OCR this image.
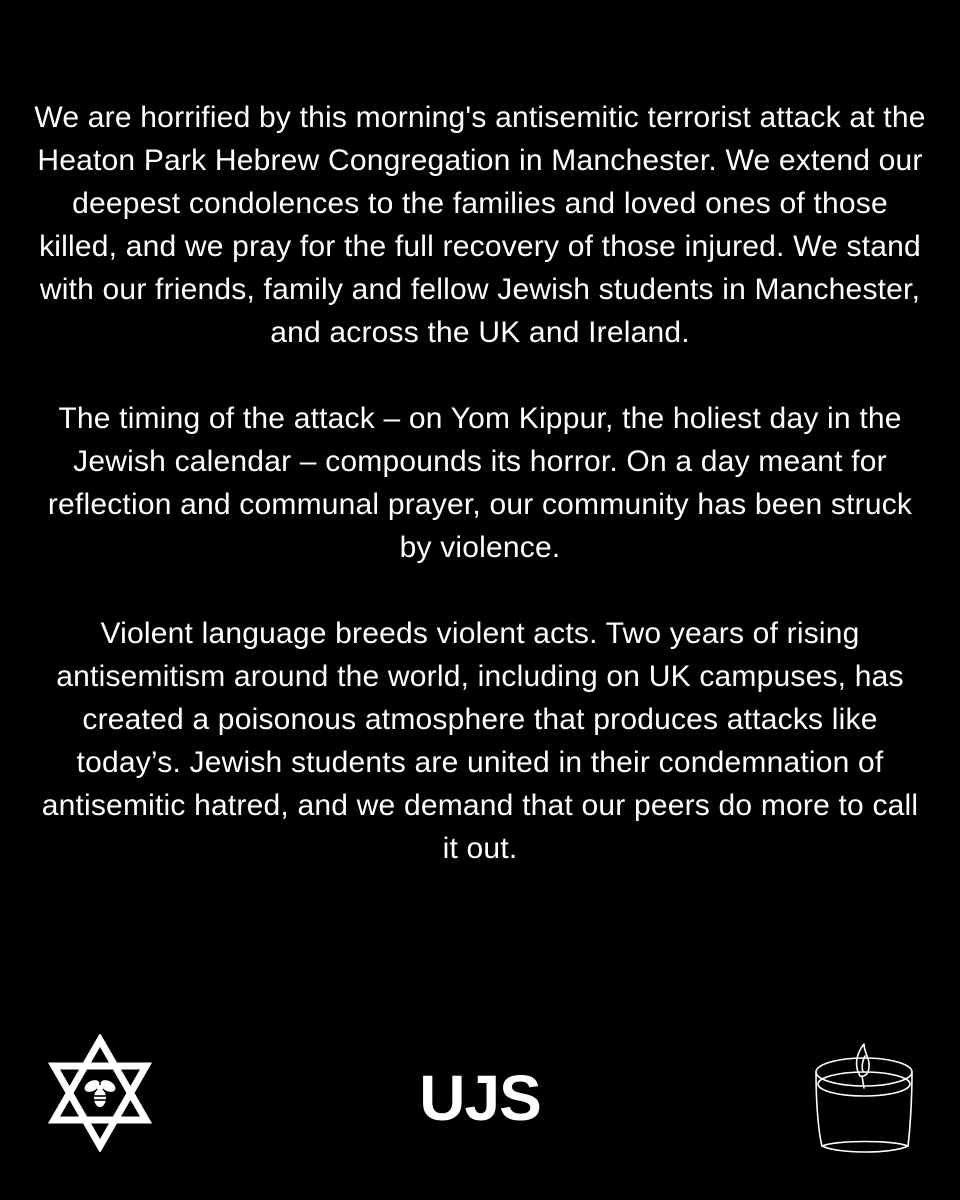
We are horrified by this morning's antisemitic terrorist attack at the Heaton Park Hebrew Congregation in Manchester. We extend our deepest condolences to the families and loved ones of those killed, and we pray for the full recovery of those injured. We stand with our friends, family and fellow Jewish students in Manchester, and across the UK and Ireland.

The timing of the attack – on Yom Kippur, the holiest day in the Jewish calendar – compounds its horror. On a day meant for reflection and communal prayer, our community has been struck by violence.

Violent language breeds violent acts. Two years of rising antisemitism around the world, including on UK campuses, has created a poisonous atmosphere that produces attacks like today’s. Jewish students are united in their condemnation of antisemitic hatred, and we demand that our peers do more to call it out.

UJS
